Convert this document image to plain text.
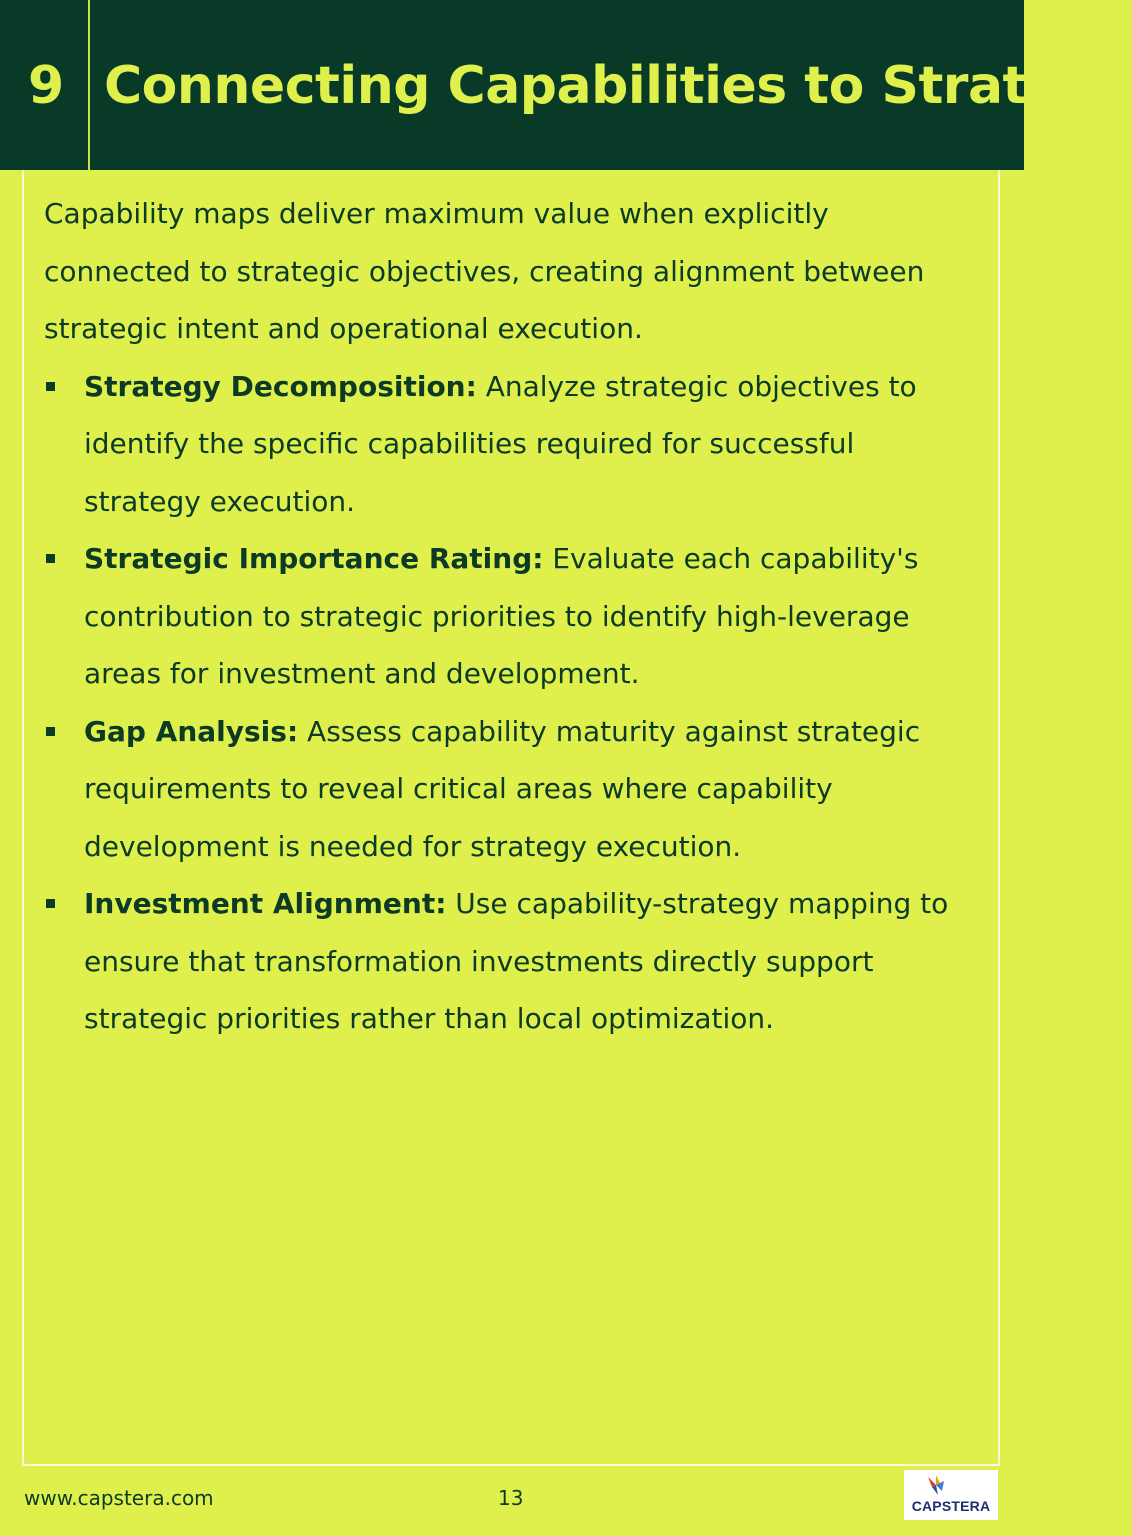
9 Connecting Capabilities to Strategy

Capability maps deliver maximum value when explicitly connected to strategic objectives, creating alignment between strategic intent and operational execution.

Strategy Decomposition: Analyze strategic objectives to identify the specific capabilities required for successful strategy execution.
Strategic Importance Rating: Evaluate each capability's contribution to strategic priorities to identify high-leverage areas for investment and development.
Gap Analysis: Assess capability maturity against strategic requirements to reveal critical areas where capability development is needed for strategy execution.
Investment Alignment: Use capability-strategy mapping to ensure that transformation investments directly support strategic priorities rather than local optimization.
www.capstera.com	13	CAPSTERA
